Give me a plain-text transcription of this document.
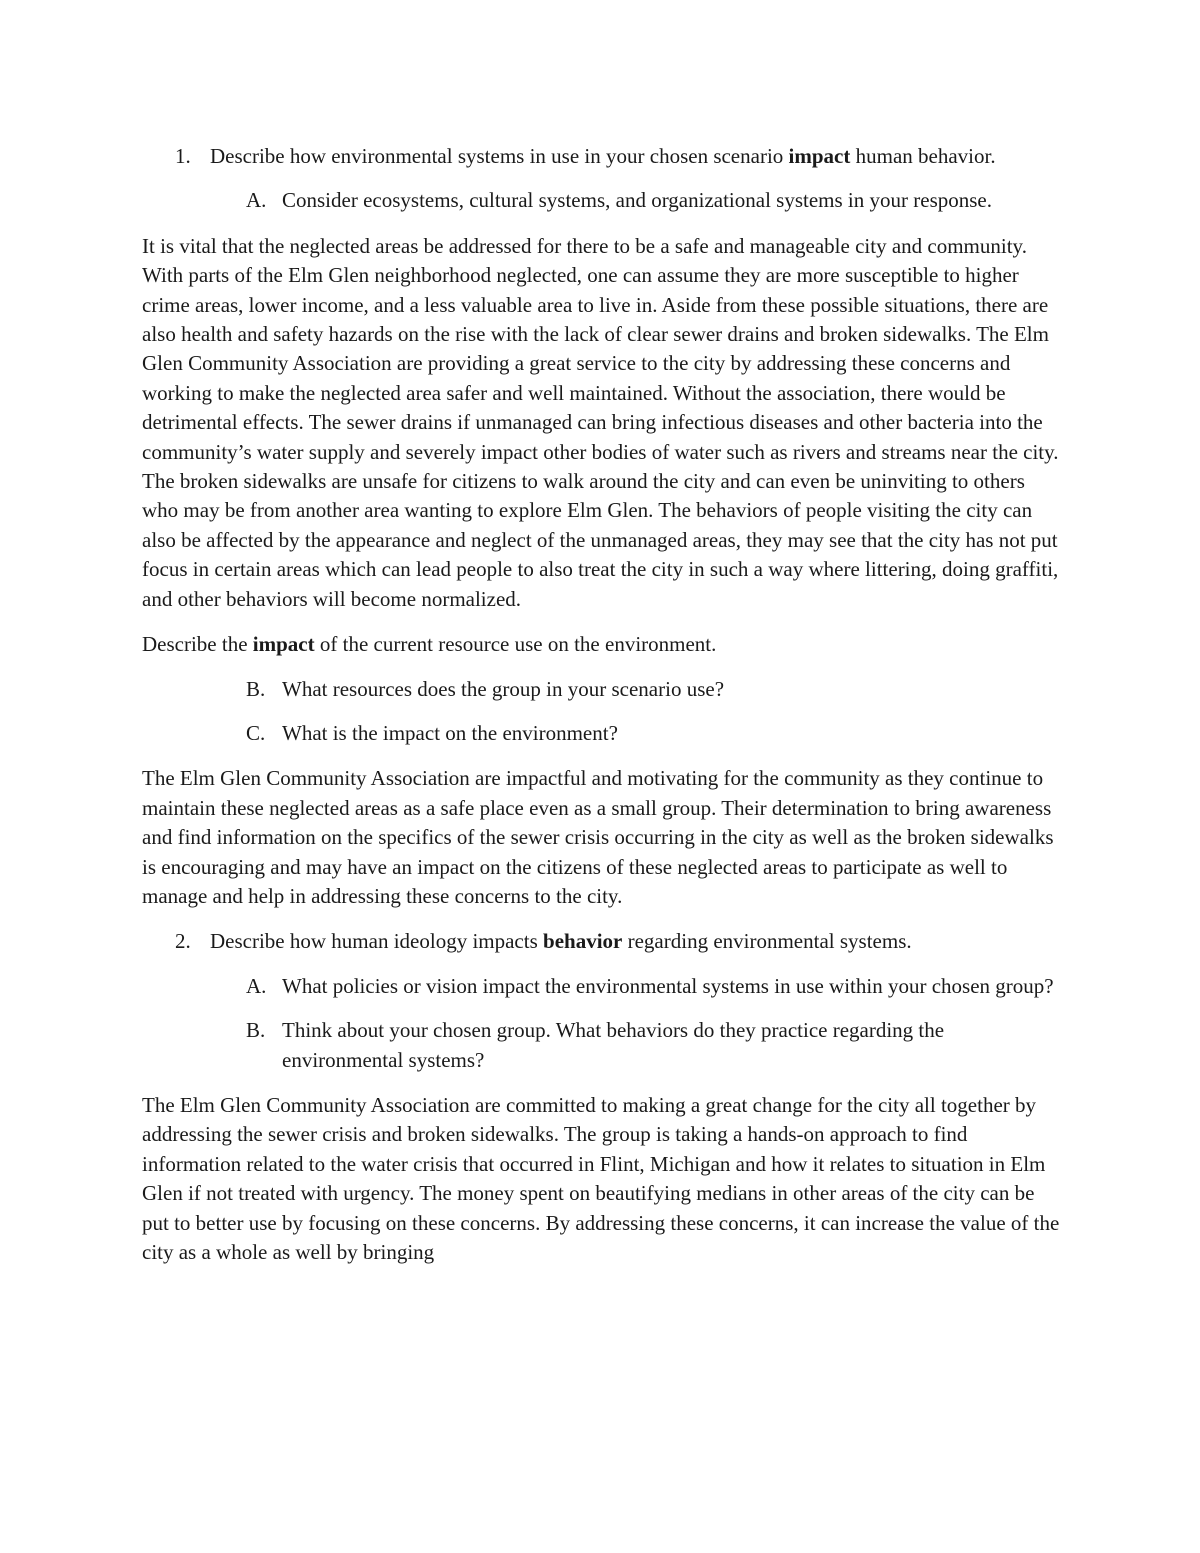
1. Describe how environmental systems in use in your chosen scenario impact human behavior.

A. Consider ecosystems, cultural systems, and organizational systems in your response.

It is vital that the neglected areas be addressed for there to be a safe and manageable city and community. With parts of the Elm Glen neighborhood neglected, one can assume they are more susceptible to higher crime areas, lower income, and a less valuable area to live in. Aside from these possible situations, there are also health and safety hazards on the rise with the lack of clear sewer drains and broken sidewalks. The Elm Glen Community Association are providing a great service to the city by addressing these concerns and working to make the neglected area safer and well maintained. Without the association, there would be detrimental effects. The sewer drains if unmanaged can bring infectious diseases and other bacteria into the community’s water supply and severely impact other bodies of water such as rivers and streams near the city. The broken sidewalks are unsafe for citizens to walk around the city and can even be uninviting to others who may be from another area wanting to explore Elm Glen. The behaviors of people visiting the city can also be affected by the appearance and neglect of the unmanaged areas, they may see that the city has not put focus in certain areas which can lead people to also treat the city in such a way where littering, doing graffiti, and other behaviors will become normalized.

Describe the impact of the current resource use on the environment.

B. What resources does the group in your scenario use?

C. What is the impact on the environment?

The Elm Glen Community Association are impactful and motivating for the community as they continue to maintain these neglected areas as a safe place even as a small group. Their determination to bring awareness and find information on the specifics of the sewer crisis occurring in the city as well as the broken sidewalks is encouraging and may have an impact on the citizens of these neglected areas to participate as well to manage and help in addressing these concerns to the city.

2. Describe how human ideology impacts behavior regarding environmental systems.

A. What policies or vision impact the environmental systems in use within your chosen group?

B. Think about your chosen group. What behaviors do they practice regarding the environmental systems?

The Elm Glen Community Association are committed to making a great change for the city all together by addressing the sewer crisis and broken sidewalks. The group is taking a hands-on approach to find information related to the water crisis that occurred in Flint, Michigan and how it relates to situation in Elm Glen if not treated with urgency. The money spent on beautifying medians in other areas of the city can be put to better use by focusing on these concerns. By addressing these concerns, it can increase the value of the city as a whole as well by bringing
